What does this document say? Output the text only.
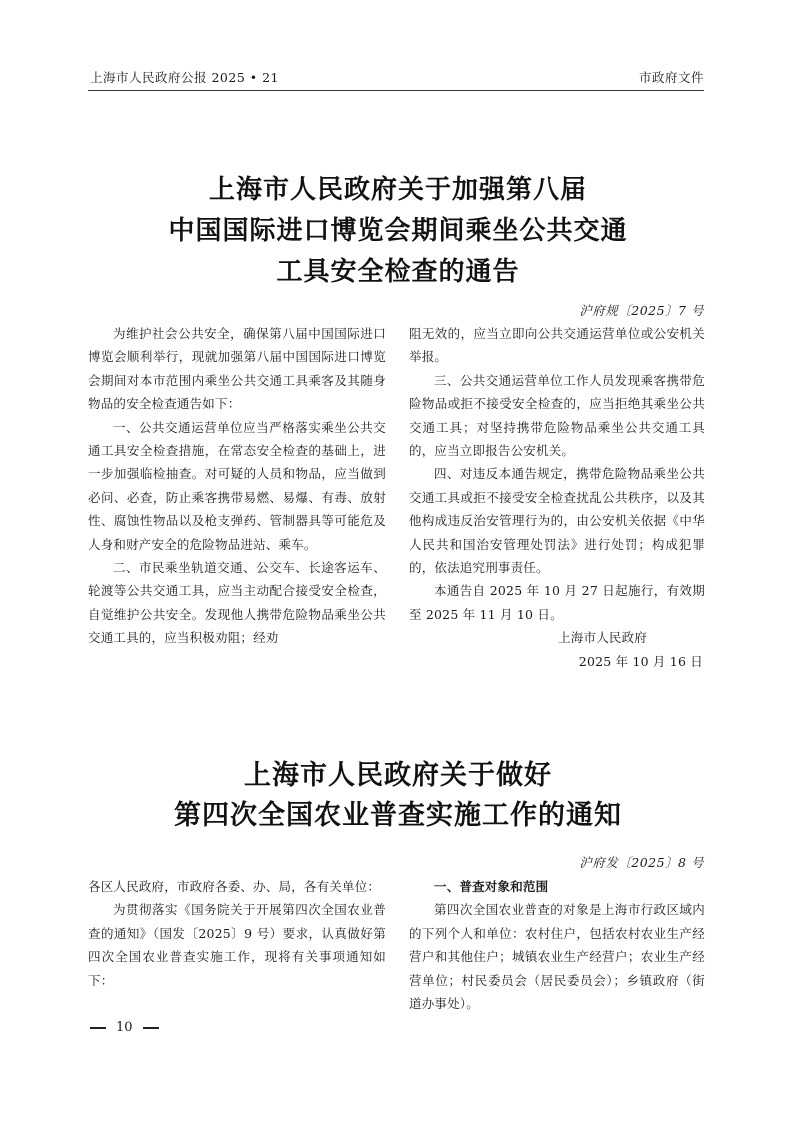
上海市人民政府公报 2025 • 21	市政府文件
上海市人民政府关于加强第八届
中国国际进口博览会期间乘坐公共交通
工具安全检查的通告
沪府规〔2025〕7 号

为维护社会公共安全，确保第八届中国国际进口博览会顺利举行，现就加强第八届中国国际进口博览会期间对本市范围内乘坐公共交通工具乘客及其随身物品的安全检查通告如下：

一、公共交通运营单位应当严格落实乘坐公共交通工具安全检查措施，在常态安全检查的基础上，进一步加强临检抽查。对可疑的人员和物品，应当做到必问、必查，防止乘客携带易燃、易爆、有毒、放射性、腐蚀性物品以及枪支弹药、管制器具等可能危及人身和财产安全的危险物品进站、乘车。

二、市民乘坐轨道交通、公交车、长途客运车、轮渡等公共交通工具，应当主动配合接受安全检查，自觉维护公共安全。发现他人携带危险物品乘坐公共交通工具的，应当积极劝阻；经劝

阻无效的，应当立即向公共交通运营单位或公安机关举报。

三、公共交通运营单位工作人员发现乘客携带危险物品或拒不接受安全检查的，应当拒绝其乘坐公共交通工具；对坚持携带危险物品乘坐公共交通工具的，应当立即报告公安机关。

四、对违反本通告规定，携带危险物品乘坐公共交通工具或拒不接受安全检查扰乱公共秩序，以及其他构成违反治安管理行为的，由公安机关依据《中华人民共和国治安管理处罚法》进行处罚；构成犯罪的，依法追究刑事责任。

本通告自 2025 年 10 月 27 日起施行，有效期至 2025 年 11 月 10 日。

上海市人民政府

2025 年 10 月 16 日

上海市人民政府关于做好
第四次全国农业普查实施工作的通知
沪府发〔2025〕8 号

各区人民政府，市政府各委、办、局，各有关单位：

为贯彻落实《国务院关于开展第四次全国农业普查的通知》（国发〔2025〕9 号）要求，认真做好第四次全国农业普查实施工作，现将有关事项通知如下：

一、普查对象和范围

第四次全国农业普查的对象是上海市行政区域内的下列个人和单位：农村住户，包括农村农业生产经营户和其他住户；城镇农业生产经营户；农业生产经营单位；村民委员会（居民委员会）；乡镇政府（街道办事处）。

10
